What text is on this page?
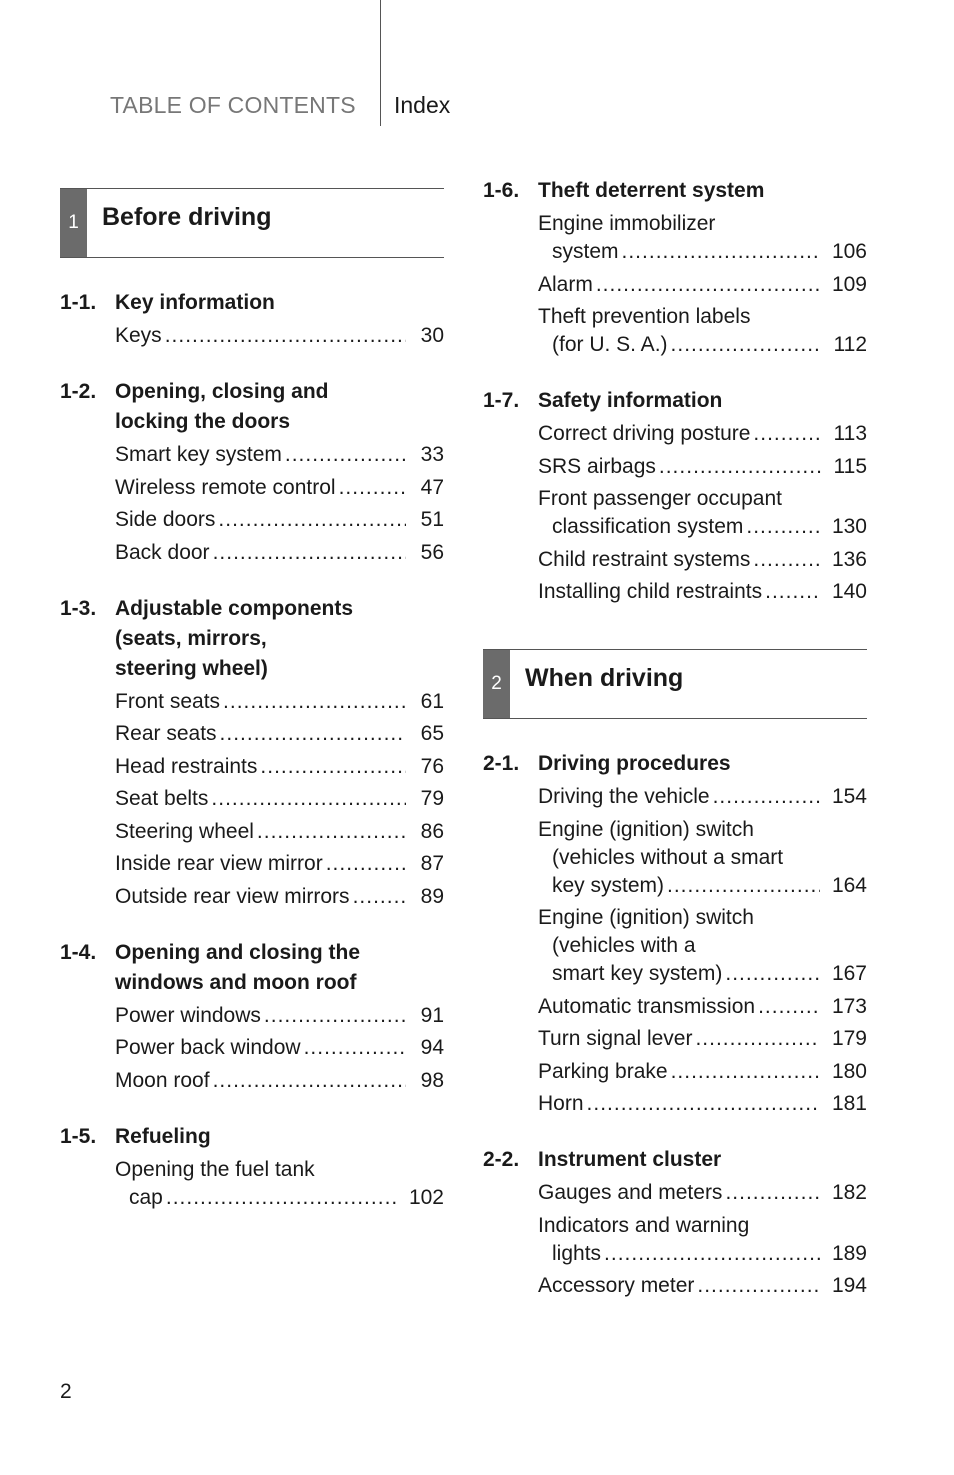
TABLE OF CONTENTS Index
1 Before driving
1-1. Key information
Keys .....	30
1-2. Opening, closing and
locking the doors
Smart key system .....	33
Wireless remote control .....	47
Side doors .....	51
Back door .....	56
1-3. Adjustable components
(seats, mirrors,
steering wheel)
Front seats .....	61
Rear seats .....	65
Head restraints .....	76
Seat belts .....	79
Steering wheel .....	86
Inside rear view mirror .....	87
Outside rear view mirrors .....	89
1-4. Opening and closing the
windows and moon roof
Power windows .....	91
Power back window .....	94
Moon roof .....	98
1-5. Refueling
Opening the fuel tank
cap .....	102
1-6. Theft deterrent system
Engine immobilizer
system .....	106
Alarm .....	109
Theft prevention labels
(for U. S. A.) .....	112
1-7. Safety information
Correct driving posture .....	113
SRS airbags .....	115
Front passenger occupant
classification system .....	130
Child restraint systems .....	136
Installing child restraints .....	140
2 When driving
2-1. Driving procedures
Driving the vehicle .....	154
Engine (ignition) switch
(vehicles without a smart
key system) .....	164
Engine (ignition) switch
(vehicles with a
smart key system) .....	167
Automatic transmission .....	173
Turn signal lever .....	179
Parking brake .....	180
Horn .....	181
2-2. Instrument cluster
Gauges and meters .....	182
Indicators and warning
lights .....	189
Accessory meter .....	194
2
